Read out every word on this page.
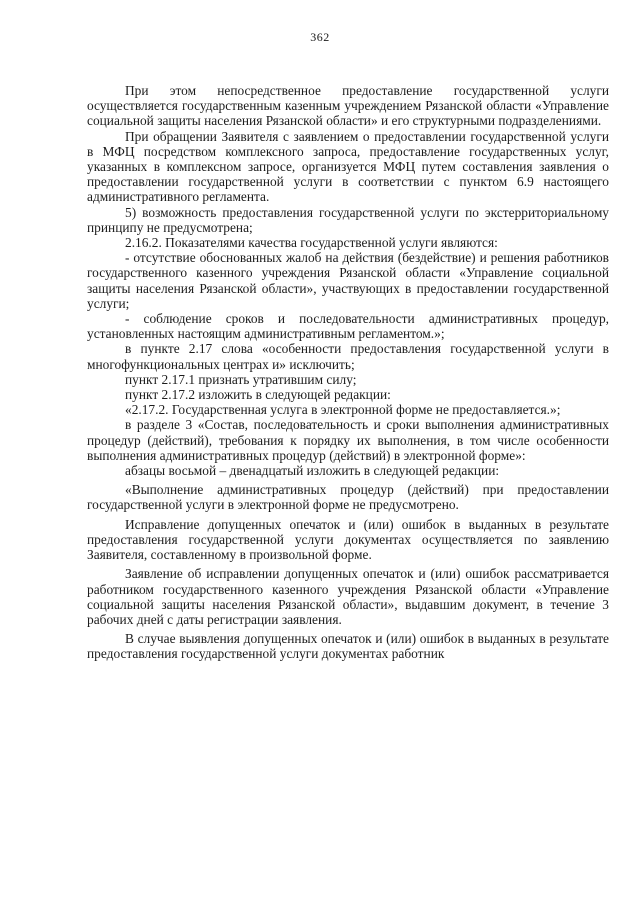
362

При этом непосредственное предоставление государственной услуги осуществляется государственным казенным учреждением Рязанской области «Управление социальной защиты населения Рязанской области» и его структурными подразделениями.

При обращении Заявителя с заявлением о предоставлении государственной услуги в МФЦ посредством комплексного запроса, предоставление государственных услуг, указанных в комплексном запросе, организуется МФЦ путем составления заявления о предоставлении государственной услуги в соответствии с пунктом 6.9 настоящего административного регламента.

5) возможность предоставления государственной услуги по экстерриториальному принципу не предусмотрена;

2.16.2. Показателями качества государственной услуги являются:

- отсутствие обоснованных жалоб на действия (бездействие) и решения работников государственного казенного учреждения Рязанской области «Управление социальной защиты населения Рязанской области», участвующих в предоставлении государственной услуги;

- соблюдение сроков и последовательности административных процедур, установленных настоящим административным регламентом.»;

в пункте 2.17 слова «особенности предоставления государственной услуги в многофункциональных центрах и» исключить;

пункт 2.17.1 признать утратившим силу;

пункт 2.17.2 изложить в следующей редакции:

«2.17.2. Государственная услуга в электронной форме не предоставляется.»;

в разделе 3 «Состав, последовательность и сроки выполнения административных процедур (действий), требования к порядку их выполнения, в том числе особенности выполнения административных процедур (действий) в электронной форме»:

абзацы восьмой – двенадцатый изложить в следующей редакции:

«Выполнение административных процедур (действий) при предоставлении государственной услуги в электронной форме не предусмотрено.

Исправление допущенных опечаток и (или) ошибок в выданных в результате предоставления государственной услуги документах осуществляется по заявлению Заявителя, составленному в произвольной форме.

Заявление об исправлении допущенных опечаток и (или) ошибок рассматривается работником государственного казенного учреждения Рязанской области «Управление социальной защиты населения Рязанской области», выдавшим документ, в течение 3 рабочих дней с даты регистрации заявления.

В случае выявления допущенных опечаток и (или) ошибок в выданных в результате предоставления государственной услуги документах работник
